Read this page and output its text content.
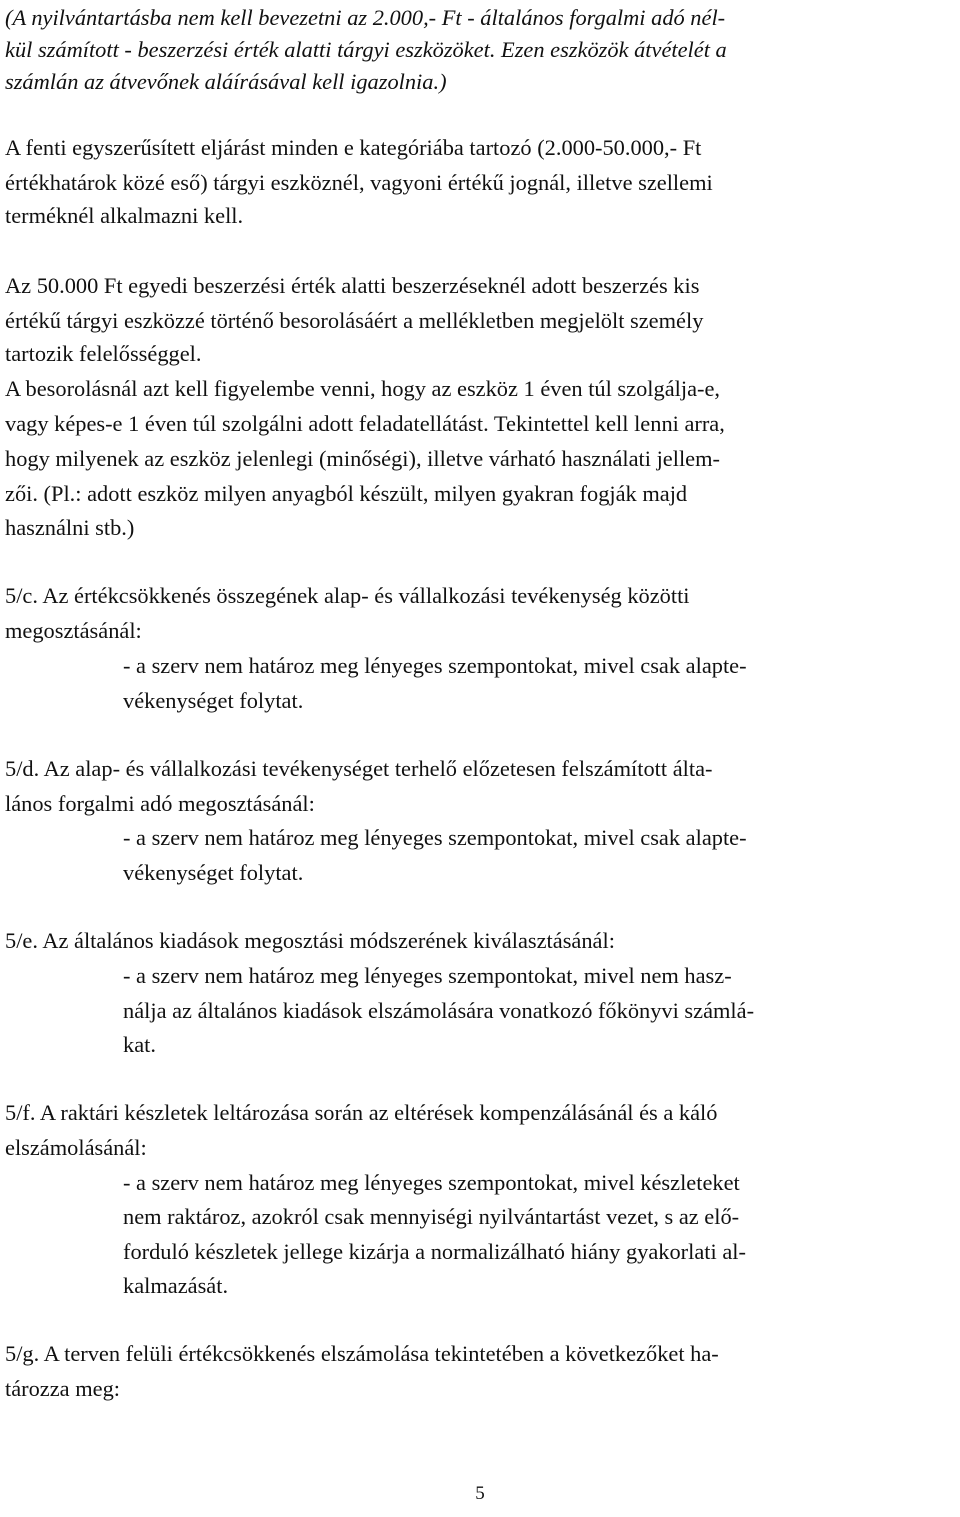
(A nyilvántartásba nem kell bevezetni az 2.000,- Ft - általános forgalmi adó nél-
kül számított - beszerzési érték alatti tárgyi eszközöket. Ezen eszközök átvételét a
számlán az átvevőnek aláírásával kell igazolnia.)
A fenti egyszerűsített eljárást minden e kategóriába tartozó (2.000-50.000,- Ft
értékhatárok közé eső) tárgyi eszköznél, vagyoni értékű jognál, illetve szellemi
terméknél alkalmazni kell.
Az 50.000 Ft egyedi beszerzési érték alatti beszerzéseknél adott beszerzés kis
értékű tárgyi eszközzé történő besorolásáért a mellékletben megjelölt személy
tartozik felelősséggel.
A besorolásnál azt kell figyelembe venni, hogy az eszköz 1 éven túl szolgálja-e,
vagy képes-e 1 éven túl szolgálni adott feladatellátást. Tekintettel kell lenni arra,
hogy milyenek az eszköz jelenlegi (minőségi), illetve várható használati jellem-
zői. (Pl.: adott eszköz milyen anyagból készült, milyen gyakran fogják majd
használni stb.)
5/c. Az értékcsökkenés összegének alap- és vállalkozási tevékenység közötti
megosztásánál:
- a szerv nem határoz meg lényeges szempontokat, mivel csak alapte-
vékenységet folytat.
5/d. Az alap- és vállalkozási tevékenységet terhelő előzetesen felszámított álta-
lános forgalmi adó megosztásánál:
- a szerv nem határoz meg lényeges szempontokat, mivel csak alapte-
vékenységet folytat.
5/e. Az általános kiadások megosztási módszerének kiválasztásánál:
- a szerv nem határoz meg lényeges szempontokat, mivel nem hasz-
nálja az általános kiadások elszámolására vonatkozó főkönyvi számlá-
kat.
5/f. A raktári készletek leltározása során az eltérések kompenzálásánál és a káló
elszámolásánál:
- a szerv nem határoz meg lényeges szempontokat, mivel készleteket
nem raktároz, azokról csak mennyiségi nyilvántartást vezet, s az elő-
forduló készletek jellege kizárja a normalizálható hiány gyakorlati al-
kalmazását.
5/g. A terven felüli értékcsökkenés elszámolása tekintetében a következőket ha-
tározza meg:
5
